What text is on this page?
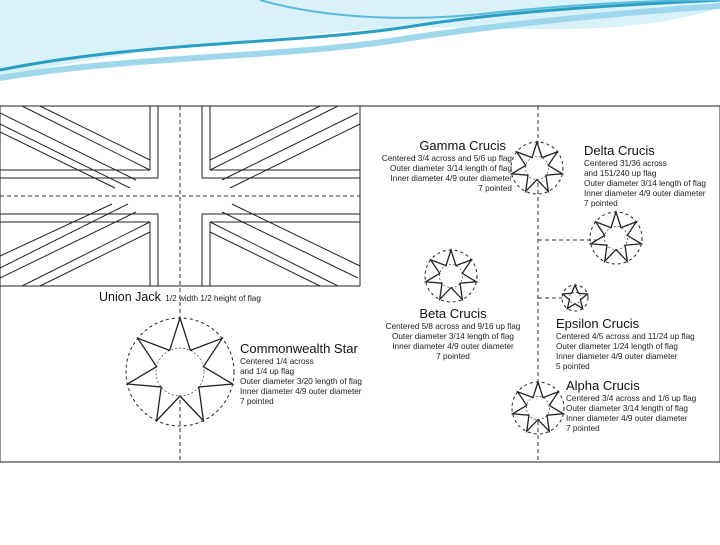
Union Jack 1/2 width 1/2 height of flag
Gamma Crucis
Centered 3/4 across and 5/6 up flag
Outer diameter 3/14 length of flag
Inner diameter 4/9 outer diameter
7 pointed
Delta Crucis
Centered 31/36 across
and 151/240 up flag
Outer diameter 3/14 length of flag
Inner diameter 4/9 outer diameter
7 pointed
Beta Crucis
Centered 5/8 across and 9/16 up flag
Outer diameter 3/14 length of flag
Inner diameter 4/9 outer diameter
7 pointed
Epsilon Crucis
Centered 4/5 across and 11/24 up flag
Outer diameter 1/24 length of flag
Inner diameter 4/9 outer diameter
5 pointed
Alpha Crucis
Centered 3/4 across and 1/6 up flag
Outer diameter 3/14 length of flag
Inner diameter 4/9 outer diameter
7 pointed
Commonwealth Star
Centered 1/4 across
and 1/4 up flag
Outer diameter 3/20 length of flag
Inner diameter 4/9 outer diameter
7 pointed
